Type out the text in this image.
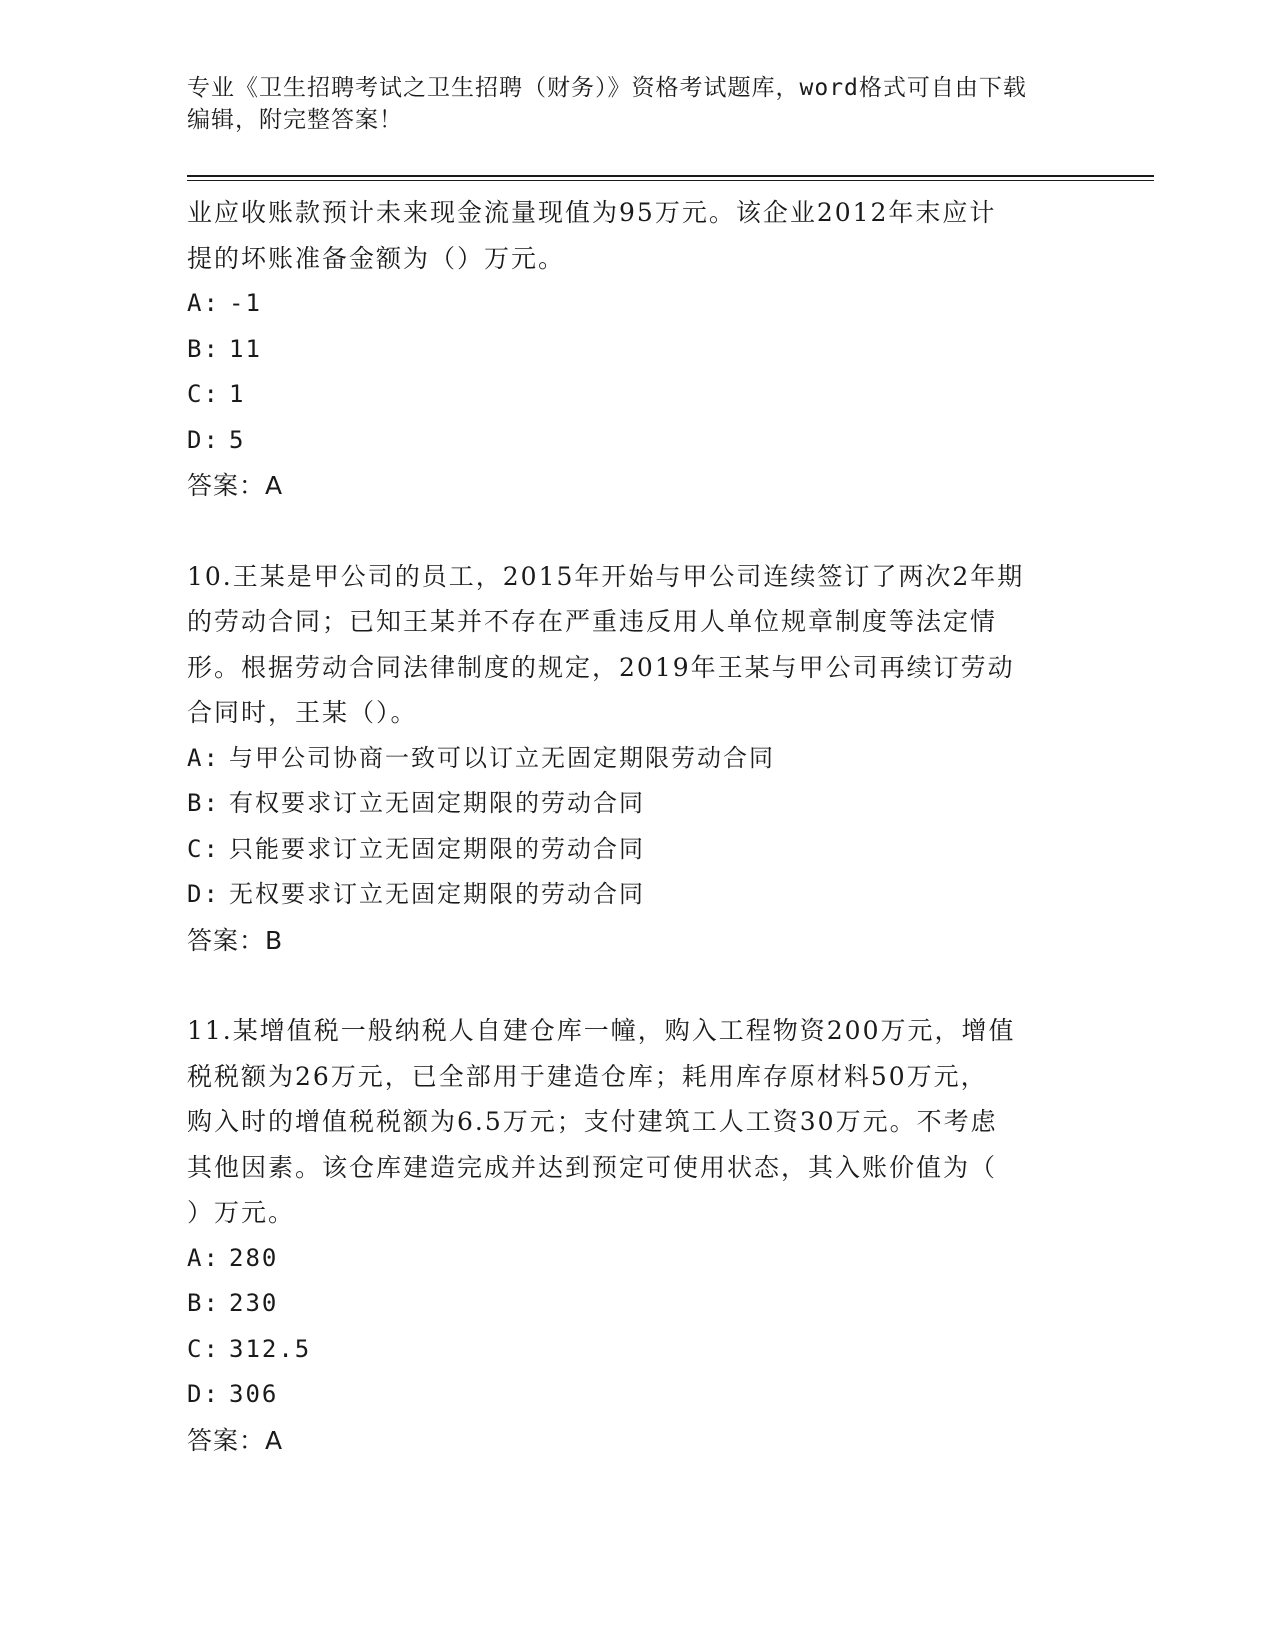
专业《卫生招聘考试之卫生招聘（财务）》资格考试题库，word格式可自由下载
编辑，附完整答案！
业应收账款预计未来现金流量现值为95万元。该企业2012年末应计
提的坏账准备金额为（）万元。
A: -1
B: 11
C: 1
D: 5
答案：A
10.王某是甲公司的员工，2015年开始与甲公司连续签订了两次2年期
的劳动合同；已知王某并不存在严重违反用人单位规章制度等法定情
形。根据劳动合同法律制度的规定，2019年王某与甲公司再续订劳动
合同时，王某（）。
A: 与甲公司协商一致可以订立无固定期限劳动合同
B: 有权要求订立无固定期限的劳动合同
C: 只能要求订立无固定期限的劳动合同
D: 无权要求订立无固定期限的劳动合同
答案：B
11.某增值税一般纳税人自建仓库一幢，购入工程物资200万元，增值
税税额为26万元，已全部用于建造仓库；耗用库存原材料50万元，
购入时的增值税税额为6.5万元；支付建筑工人工资30万元。不考虑
其他因素。该仓库建造完成并达到预定可使用状态，其入账价值为（
）万元。
A: 280
B: 230
C: 312.5
D: 306
答案：A
